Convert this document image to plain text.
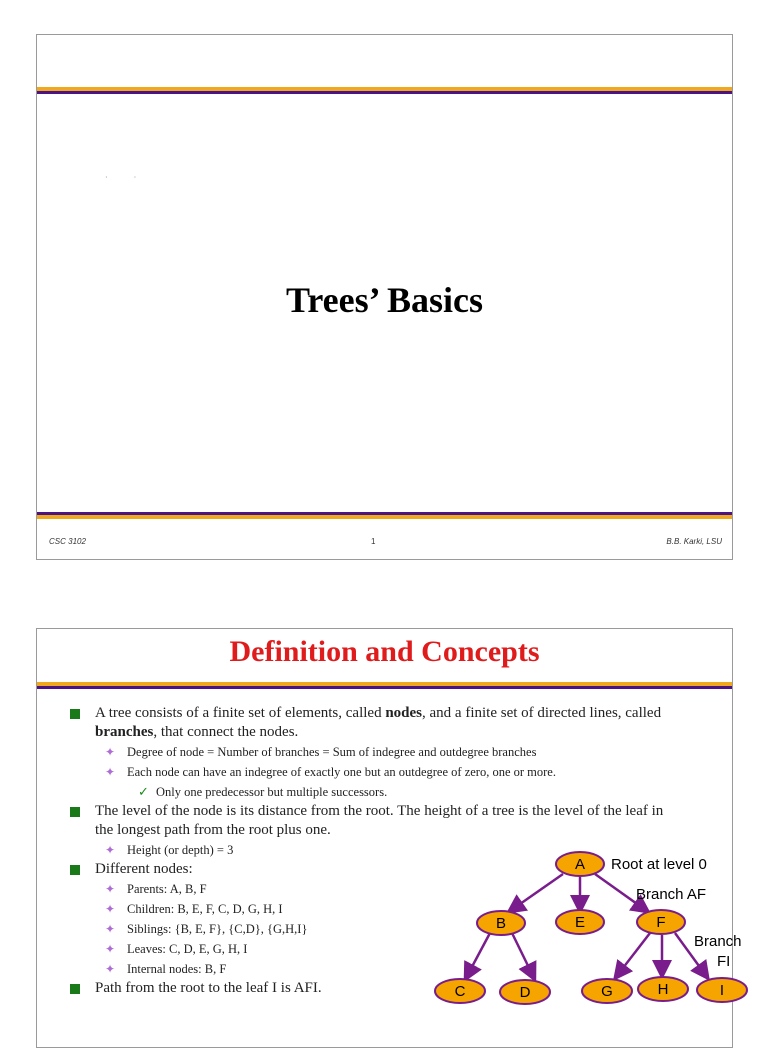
·             ·
Trees’ Basics
CSC 3102	1	B.B. Karki, LSU
Definition and Concepts
A tree consists of a finite set of elements, called nodes, and a finite set of directed lines, called branches, that connect the nodes.
✦ Degree of node = Number of branches = Sum of indegree and outdegree branches
✦ Each node can have an indegree of exactly one but an outdegree of zero, one or more.
✓ Only one predecessor but multiple successors.
The level of the node is its distance from the root. The height of a tree is the level of the leaf in the longest path from the root plus one.
✦ Height (or depth) = 3
Different nodes:
✦ Parents: A, B, F
✦ Children: B, E, F, C, D, G, H, I
✦ Siblings: {B, E, F}, {C,D}, {G,H,I}
✦ Leaves: C, D, E, G, H, I
✦ Internal nodes: B, F
Path from the root to the leaf I is AFI.
A
B	E	F
C	D	G	H	I
Root at level 0
Branch AF
Branch
FI
